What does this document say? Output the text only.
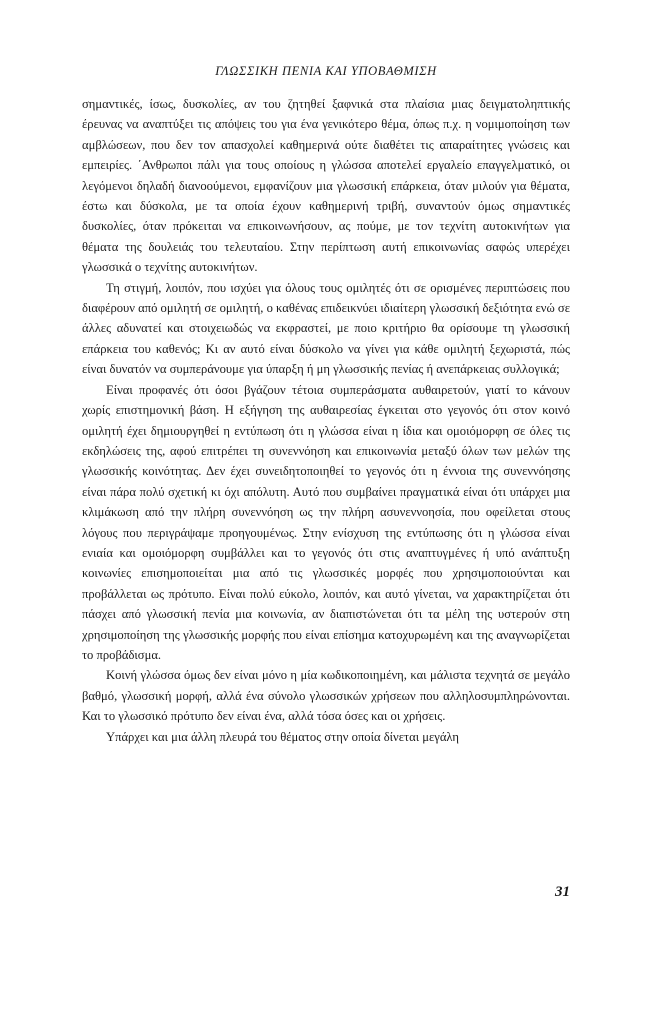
ΓΛΩΣΣΙΚΗ ΠΕΝΙΑ ΚΑΙ ΥΠΟΒΑΘΜΙΣΗ

σημαντικές, ίσως, δυσκολίες, αν του ζητηθεί ξαφνικά στα πλαίσια μιας δειγματοληπτικής έρευνας να αναπτύξει τις απόψεις του για ένα γενικότερο θέμα, όπως π.χ. η νομιμοποίηση των αμβλώσεων, που δεν τον απασχολεί καθημερινά ούτε διαθέτει τις απαραίτητες γνώσεις και εμπειρίες. ΄Ανθρωποι πάλι για τους οποίους η γλώσσα αποτελεί εργαλείο επαγγελματικό, οι λεγόμενοι δηλαδή διανοούμενοι, εμφανίζουν μια γλωσσική επάρκεια, όταν μιλούν για θέματα, έστω και δύσκολα, με τα οποία έχουν καθημερινή τριβή, συναντούν όμως σημαντικές δυσκολίες, όταν πρόκειται να επικοινωνήσουν, ας πούμε, με τον τεχνίτη αυτοκινήτων για θέματα της δουλειάς του τελευταίου. Στην περίπτωση αυτή επικοινωνίας σαφώς υπερέχει γλωσσικά ο τεχνίτης αυτοκινήτων.

Τη στιγμή, λοιπόν, που ισχύει για όλους τους ομιλητές ότι σε ορισμένες περιπτώσεις που διαφέρουν από ομιλητή σε ομιλητή, ο καθένας επιδεικνύει ιδιαίτερη γλωσσική δεξιότητα ενώ σε άλλες αδυνατεί και στοιχειωδώς να εκφραστεί, με ποιο κριτήριο θα ορίσουμε τη γλωσσική επάρκεια του καθενός; Κι αν αυτό είναι δύσκολο να γίνει για κάθε ομιλητή ξεχωριστά, πώς είναι δυνατόν να συμπεράνουμε για ύπαρξη ή μη γλωσσικής πενίας ή ανεπάρκειας συλλογικά;

Είναι προφανές ότι όσοι βγάζουν τέτοια συμπεράσματα αυθαιρετούν, γιατί το κάνουν χωρίς επιστημονική βάση. Η εξήγηση της αυθαιρεσίας έγκειται στο γεγονός ότι στον κοινό ομιλητή έχει δημιουργηθεί η εντύπωση ότι η γλώσσα είναι η ίδια και ομοιόμορφη σε όλες τις εκδηλώσεις της, αφού επιτρέπει τη συνεννόηση και επικοινωνία μεταξύ όλων των μελών της γλωσσικής κοινότητας. Δεν έχει συνειδητοποιηθεί το γεγονός ότι η έννοια της συνεννόησης είναι πάρα πολύ σχετική κι όχι απόλυτη. Αυτό που συμβαίνει πραγματικά είναι ότι υπάρχει μια κλιμάκωση από την πλήρη συνεννόηση ως την πλήρη ασυνεννοησία, που οφείλεται στους λόγους που περιγράψαμε προηγουμένως. Στην ενίσχυση της εντύπωσης ότι η γλώσσα είναι ενιαία και ομοιόμορφη συμβάλλει και το γεγονός ότι στις αναπτυγμένες ή υπό ανάπτυξη κοινωνίες επισημοποιείται μια από τις γλωσσικές μορφές που χρησιμοποιούνται και προβάλλεται ως πρότυπο. Είναι πολύ εύκολο, λοιπόν, και αυτό γίνεται, να χαρακτηρίζεται ότι πάσχει από γλωσσική πενία μια κοινωνία, αν διαπιστώνεται ότι τα μέλη της υστερούν στη χρησιμοποίηση της γλωσσικής μορφής που είναι επίσημα κατοχυρωμένη και της αναγνωρίζεται το προβάδισμα.

Κοινή γλώσσα όμως δεν είναι μόνο η μία κωδικοποιημένη, και μάλιστα τεχνητά σε μεγάλο βαθμό, γλωσσική μορφή, αλλά ένα σύνολο γλωσσικών χρήσεων που αλληλοσυμπληρώνονται. Και το γλωσσικό πρότυπο δεν είναι ένα, αλλά τόσα όσες και οι χρήσεις.

Υπάρχει και μια άλλη πλευρά του θέματος στην οποία δίνεται μεγάλη

31
